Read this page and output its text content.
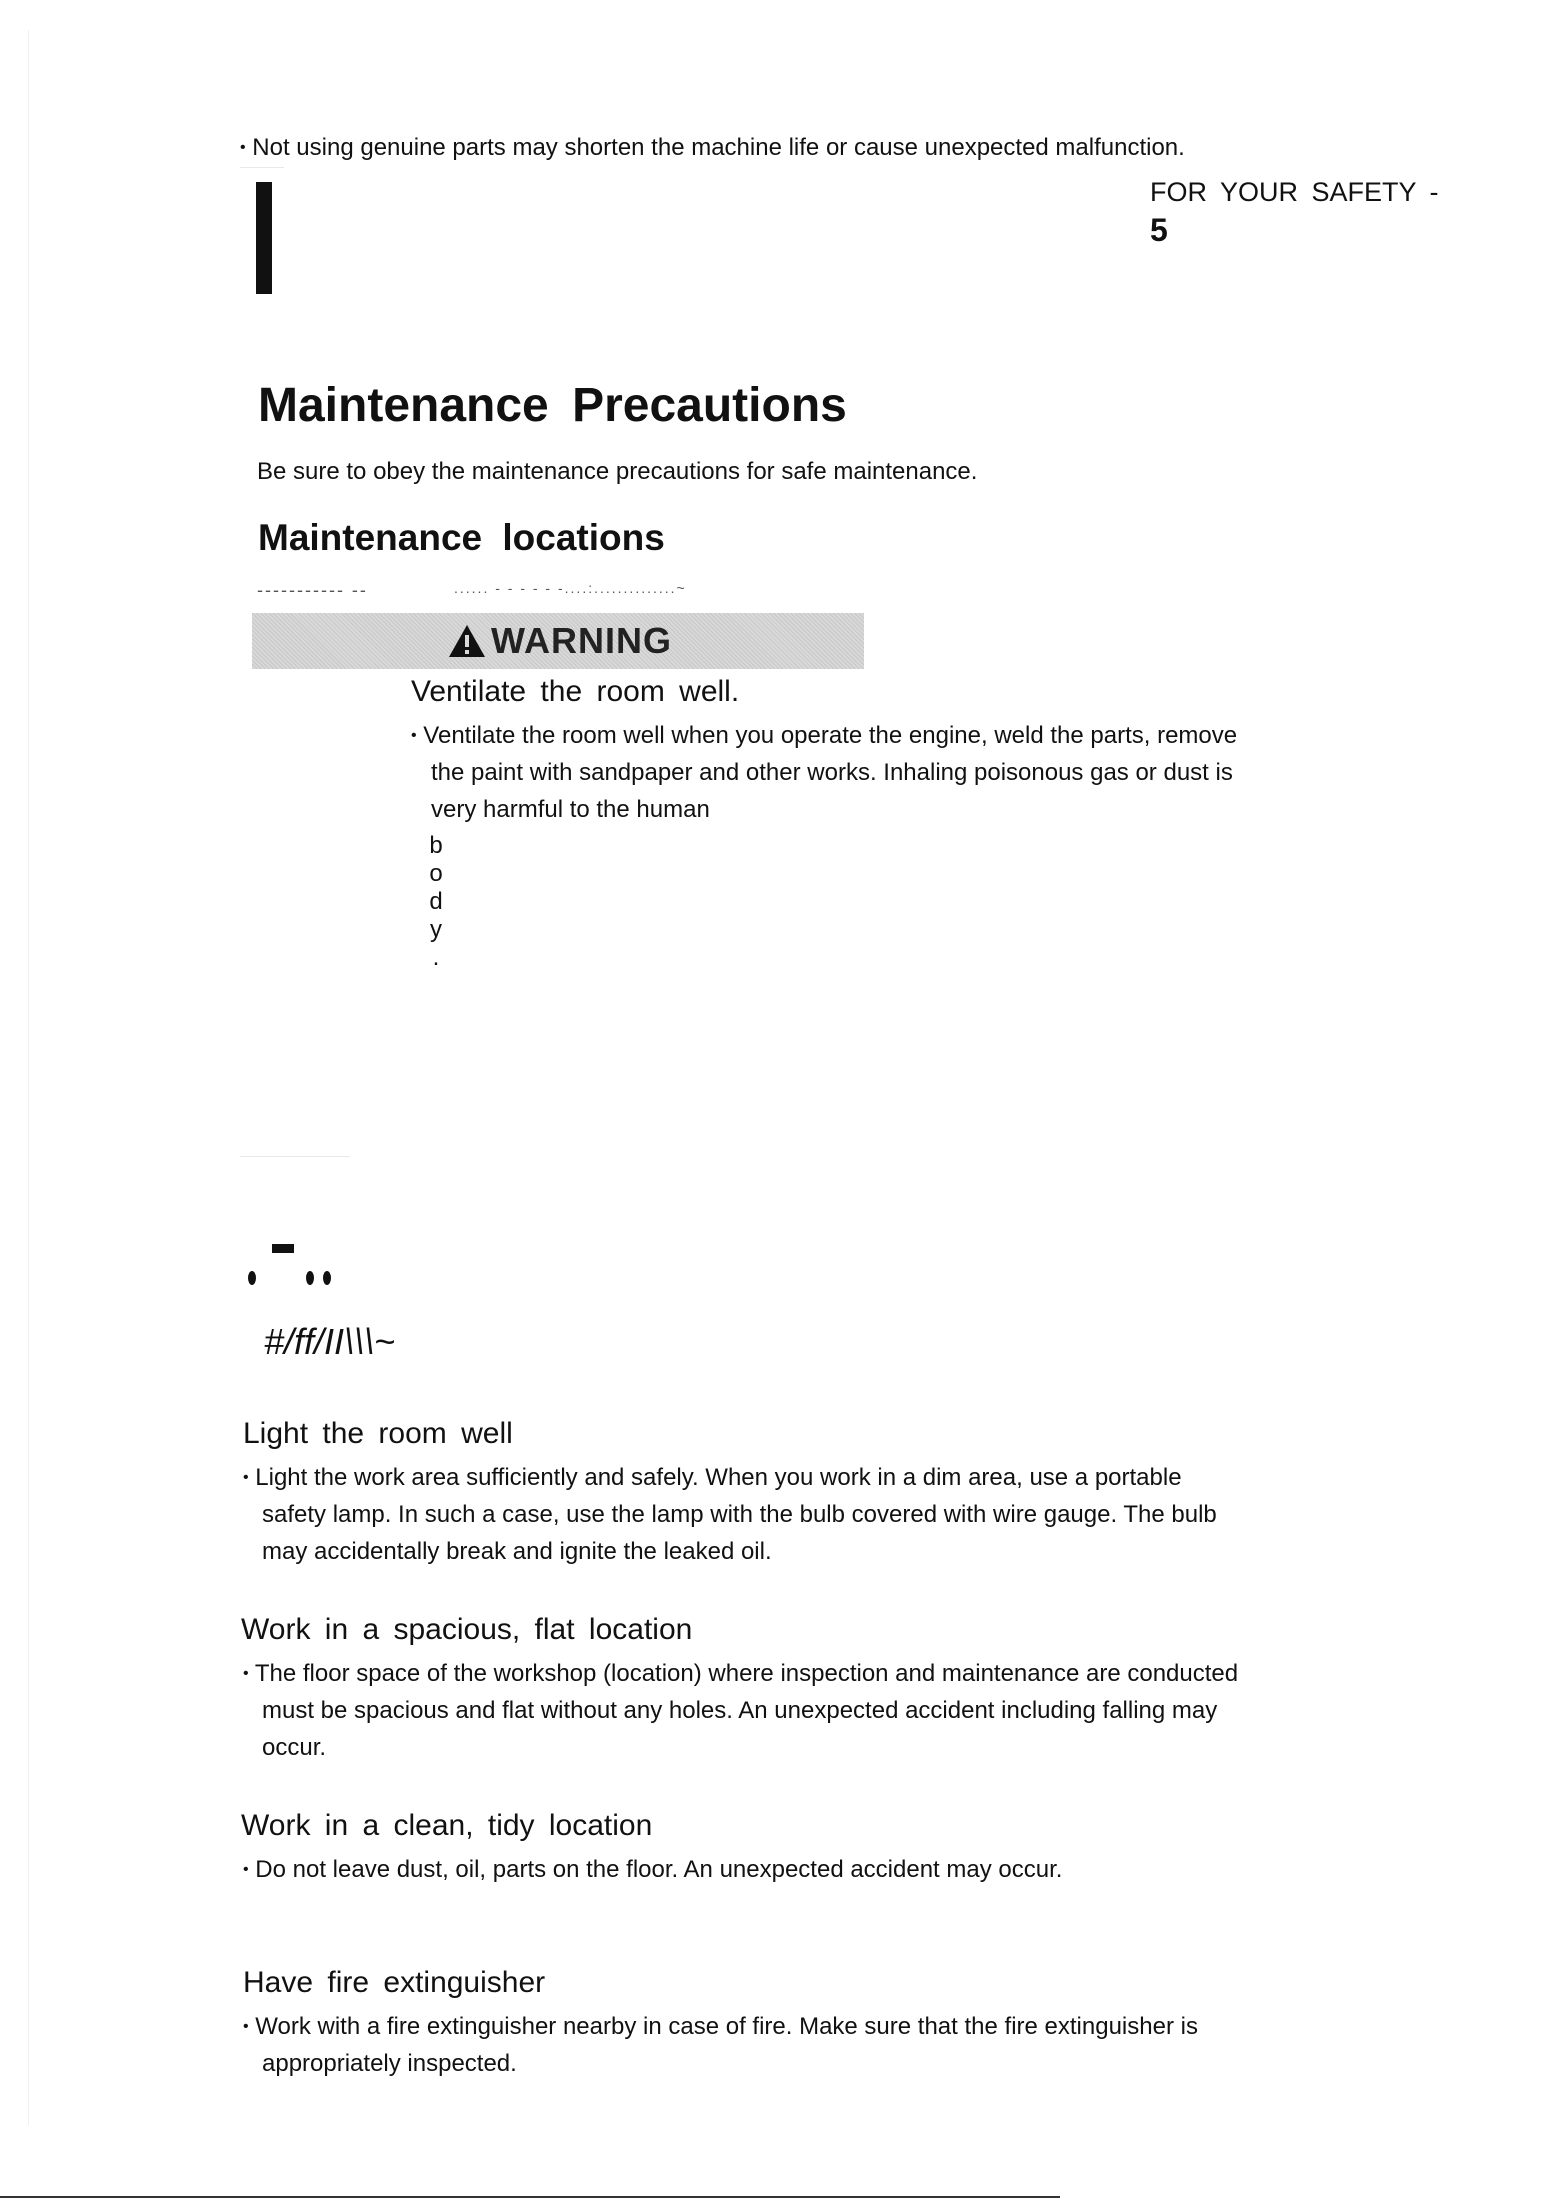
• Not using genuine parts may shorten the machine life or cause unexpected malfunction.
FOR YOUR SAFETY -
5
Maintenance Precautions
Be sure to obey the maintenance precautions for safe maintenance.
Maintenance locations
----------- --	...... - - - - - -....:..............~
WARNING
Ventilate the room well.
• Ventilate the room well when you operate the engine, weld the parts, remove
the paint with sandpaper and other works. Inhaling poisonous gas or dust is
very harmful to the human
b
o
d
y
.
#/ff/II\\\~
Light the room well
• Light the work area sufficiently and safely. When you work in a dim area, use a portable
safety lamp. In such a case, use the lamp with the bulb covered with wire gauge. The bulb
may accidentally break and ignite the leaked oil.
Work in a spacious, flat location
• The floor space of the workshop (location) where inspection and maintenance are conducted
must be spacious and flat without any holes. An unexpected accident including falling may
occur.
Work in a clean, tidy location
• Do not leave dust, oil, parts on the floor. An unexpected accident may occur.
Have fire extinguisher
• Work with a fire extinguisher nearby in case of fire. Make sure that the fire extinguisher is
appropriately inspected.
